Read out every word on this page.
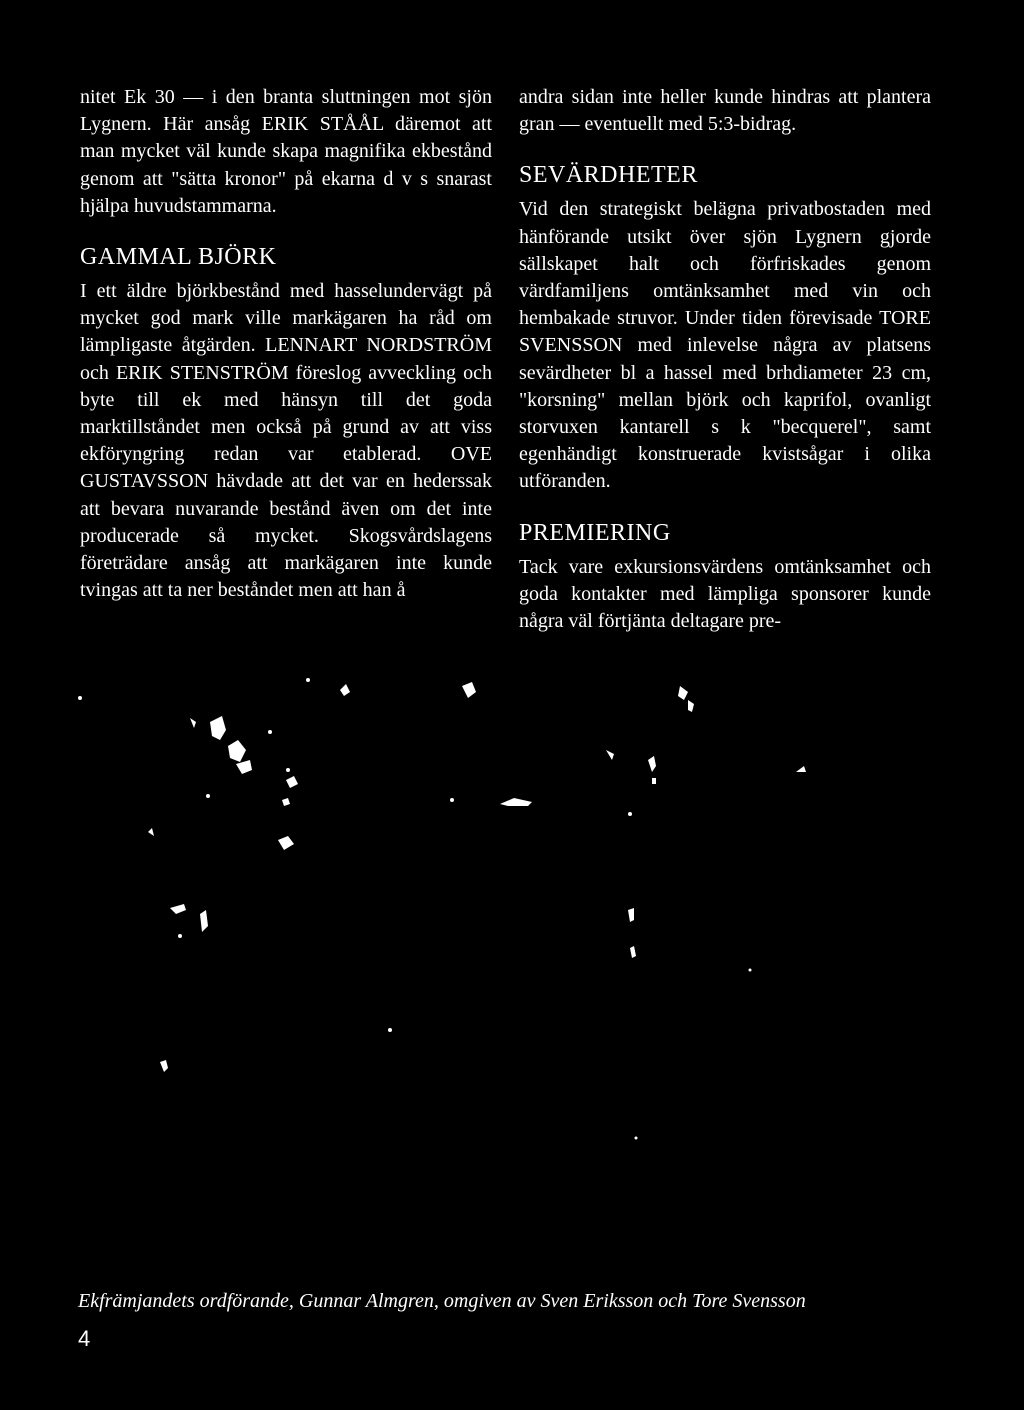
nitet Ek 30 — i den branta sluttningen mot sjön Lygnern. Här ansåg ERIK STÅÅL däremot att man mycket väl kunde skapa magnifika ekbestånd genom att "sätta kronor" på ekarna d v s snarast hjälpa huvudstammarna.

GAMMAL BJÖRK

I ett äldre björkbestånd med hasselundervägt på mycket god mark ville markägaren ha råd om lämpligaste åtgärden. LENNART NORDSTRÖM och ERIK STENSTRÖM föreslog avveckling och byte till ek med hänsyn till det goda marktillståndet men också på grund av att viss ekföryngring redan var etablerad. OVE GUSTAVSSON hävdade att det var en hederssak att bevara nuvarande bestånd även om det inte producerade så mycket. Skogsvårdslagens företrädare ansåg att markägaren inte kunde tvingas att ta ner beståndet men att han å

andra sidan inte heller kunde hindras att plantera gran — eventuellt med 5:3-bidrag.

SEVÄRDHETER

Vid den strategiskt belägna privatbostaden med hänförande utsikt över sjön Lygnern gjorde sällskapet halt och förfriskades genom värdfamiljens omtänksamhet med vin och hembakade struvor. Under tiden förevisade TORE SVENSSON med inlevelse några av platsens sevärdheter bl a hassel med brhdiameter 23 cm, "korsning" mellan björk och kaprifol, ovanligt storvuxen kantarell s k "becquerel", samt egenhändigt konstruerade kvistsågar i olika utföranden.

PREMIERING

Tack vare exkursionsvärdens omtänksamhet och goda kontakter med lämpliga sponsorer kunde några väl förtjänta deltagare pre-

Ekfrämjandets ordförande, Gunnar Almgren, omgiven av Sven Eriksson och Tore Svensson
4
